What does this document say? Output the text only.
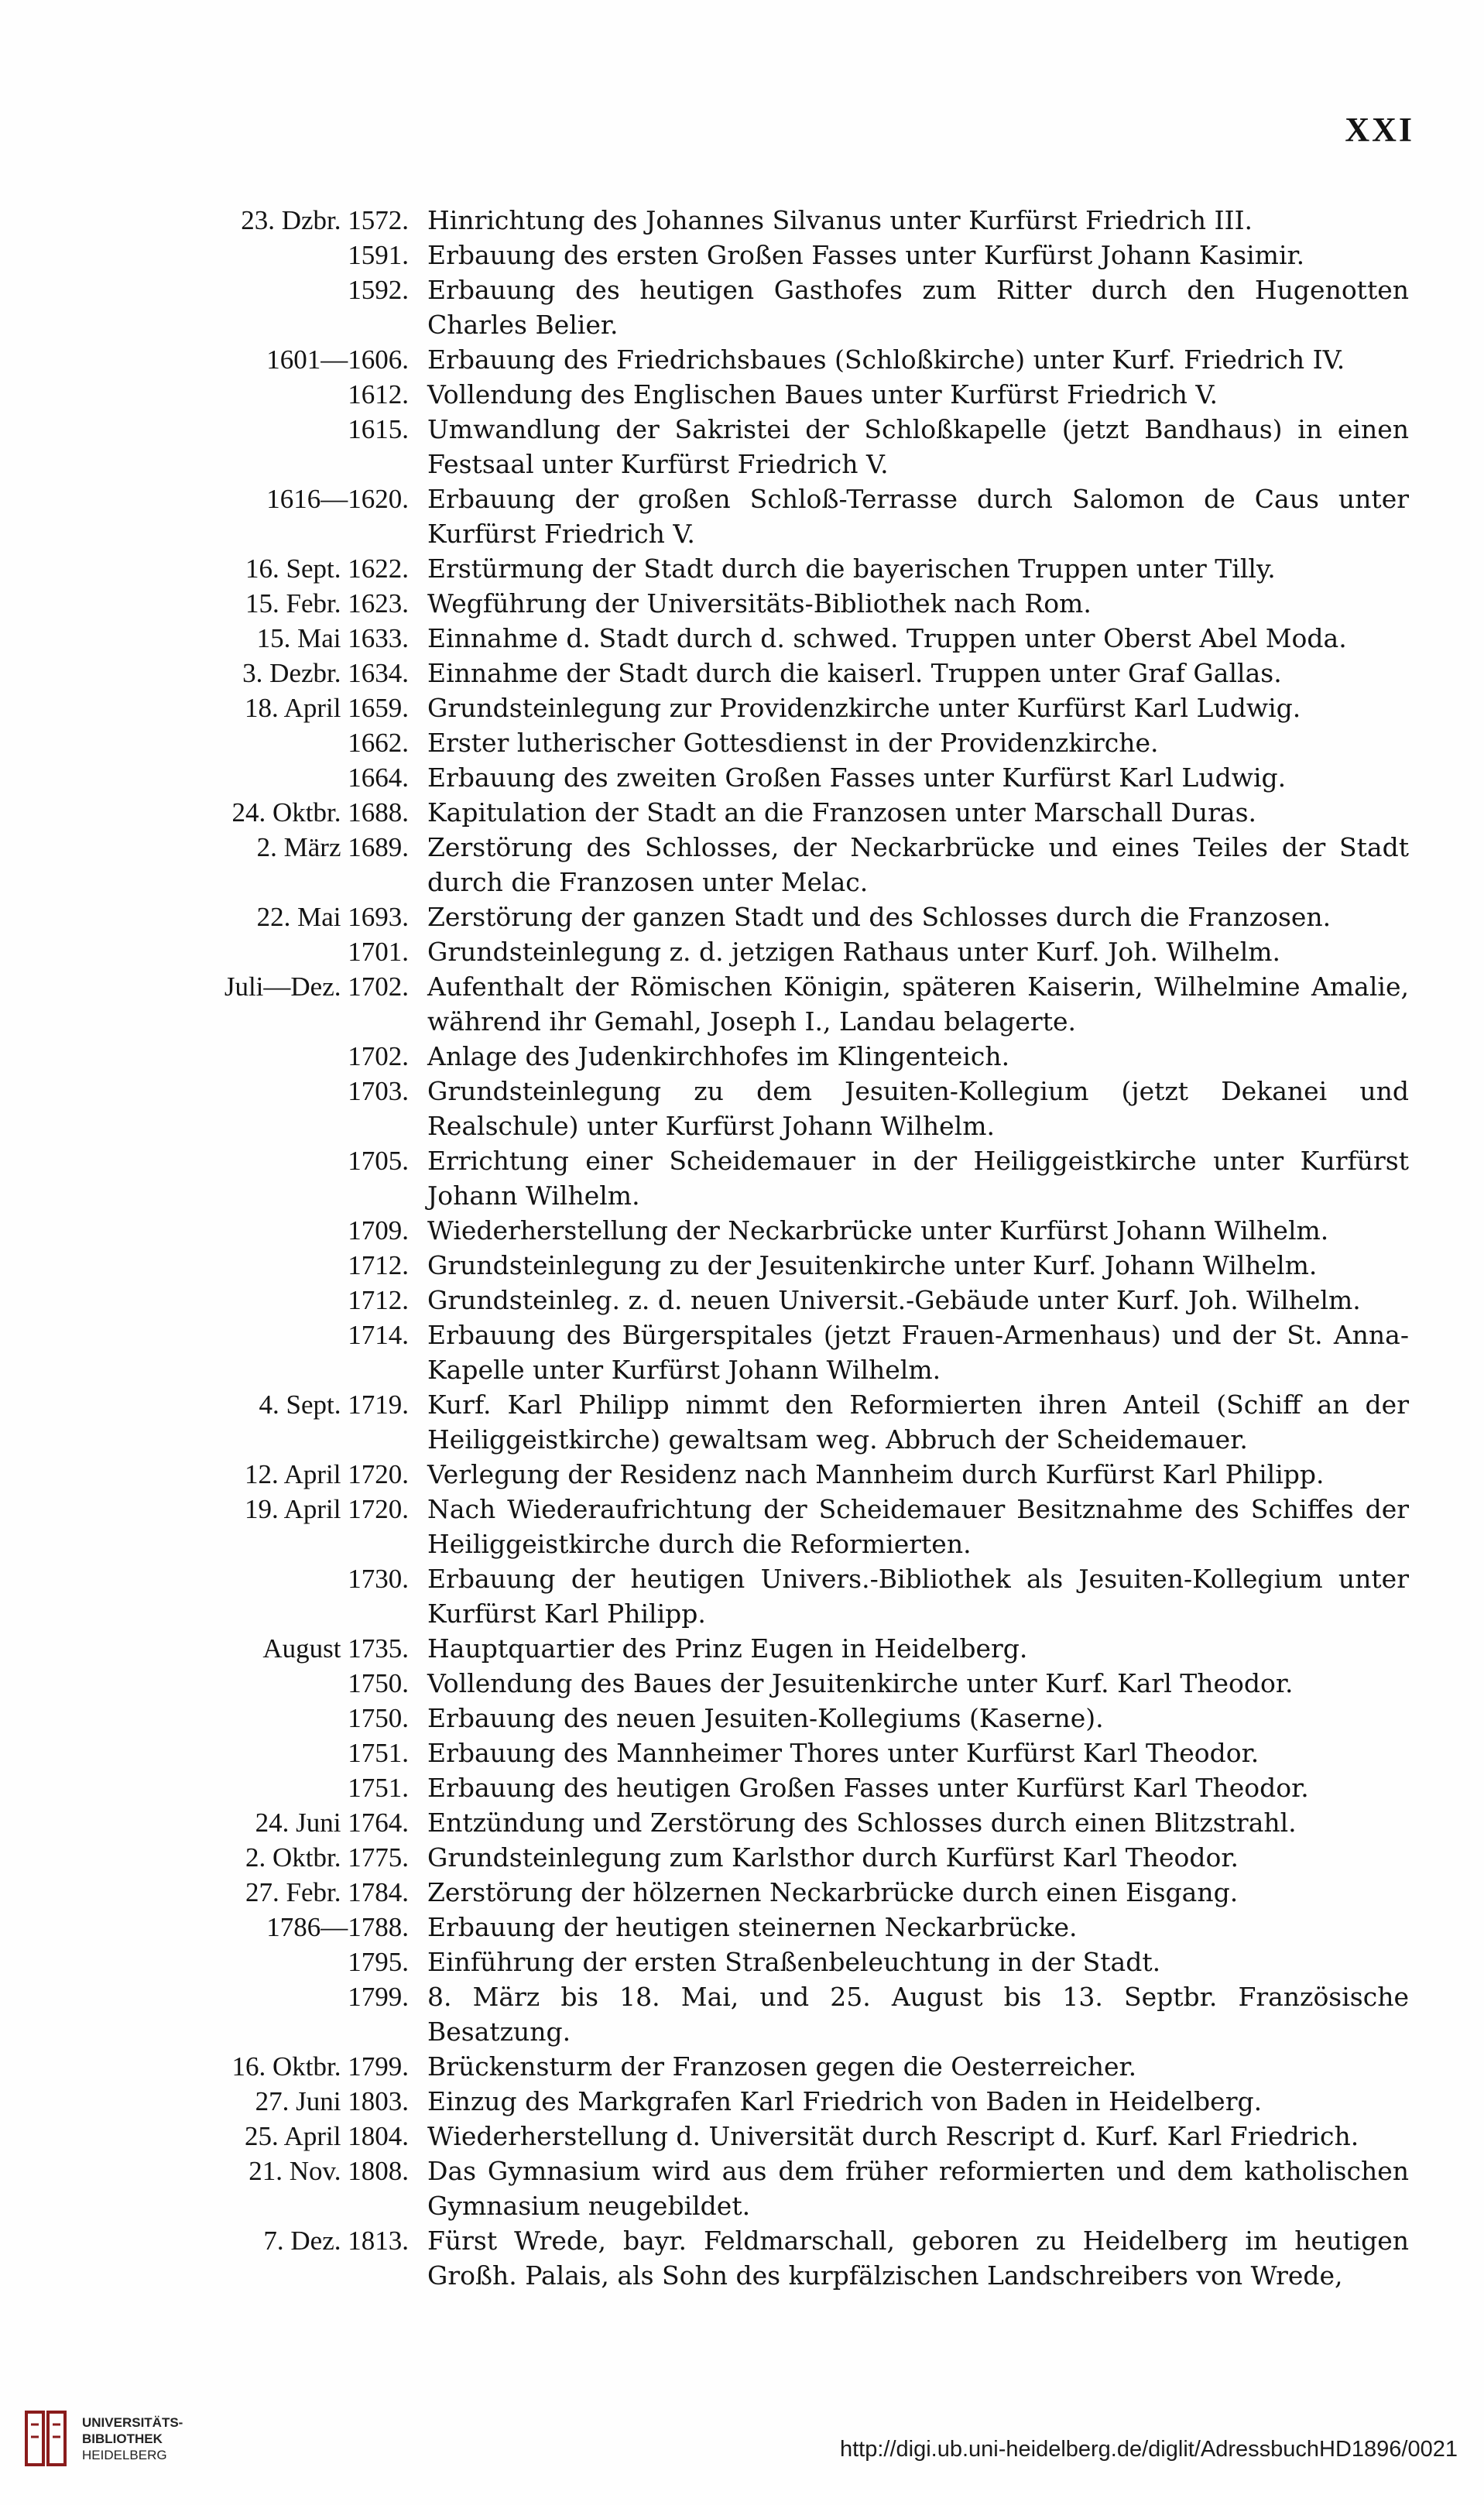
XXI
23. Dzbr. 1572. Hinrichtung des Johannes Silvanus unter Kurfürst Friedrich III.
1591. Erbauung des ersten Großen Fasses unter Kurfürst Johann Kasimir.
1592. Erbauung des heutigen Gasthofes zum Ritter durch den Hugenotten Charles Belier.
1601—1606. Erbauung des Friedrichsbaues (Schloßkirche) unter Kurf. Friedrich IV.
1612. Vollendung des Englischen Baues unter Kurfürst Friedrich V.
1615. Umwandlung der Sakristei der Schloßkapelle (jetzt Bandhaus) in einen Festsaal unter Kurfürst Friedrich V.
1616—1620. Erbauung der großen Schloß-Terrasse durch Salomon de Caus unter Kurfürst Friedrich V.
16. Sept. 1622. Erstürmung der Stadt durch die bayerischen Truppen unter Tilly.
15. Febr. 1623. Wegführung der Universitäts-Bibliothek nach Rom.
15. Mai 1633. Einnahme d. Stadt durch d. schwed. Truppen unter Oberst Abel Moda.
3. Dezbr. 1634. Einnahme der Stadt durch die kaiserl. Truppen unter Graf Gallas.
18. April 1659. Grundsteinlegung zur Providenzkirche unter Kurfürst Karl Ludwig.
1662. Erster lutherischer Gottesdienst in der Providenzkirche.
1664. Erbauung des zweiten Großen Fasses unter Kurfürst Karl Ludwig.
24. Oktbr. 1688. Kapitulation der Stadt an die Franzosen unter Marschall Duras.
2. März 1689. Zerstörung des Schlosses, der Neckarbrücke und eines Teiles der Stadt durch die Franzosen unter Melac.
22. Mai 1693. Zerstörung der ganzen Stadt und des Schlosses durch die Franzosen.
1701. Grundsteinlegung z. d. jetzigen Rathaus unter Kurf. Joh. Wilhelm.
Juli—Dez. 1702. Aufenthalt der Römischen Königin, späteren Kaiserin, Wilhelmine Amalie, während ihr Gemahl, Joseph I., Landau belagerte.
1702. Anlage des Judenkirchhofes im Klingenteich.
1703. Grundsteinlegung zu dem Jesuiten-Kollegium (jetzt Dekanei und Realschule) unter Kurfürst Johann Wilhelm.
1705. Errichtung einer Scheidemauer in der Heiliggeistkirche unter Kurfürst Johann Wilhelm.
1709. Wiederherstellung der Neckarbrücke unter Kurfürst Johann Wilhelm.
1712. Grundsteinlegung zu der Jesuitenkirche unter Kurf. Johann Wilhelm.
1712. Grundsteinleg. z. d. neuen Universit.-Gebäude unter Kurf. Joh. Wilhelm.
1714. Erbauung des Bürgerspitales (jetzt Frauen-Armenhaus) und der St. Anna-Kapelle unter Kurfürst Johann Wilhelm.
4. Sept. 1719. Kurf. Karl Philipp nimmt den Reformierten ihren Anteil (Schiff an der Heiliggeistkirche) gewaltsam weg. Abbruch der Scheidemauer.
12. April 1720. Verlegung der Residenz nach Mannheim durch Kurfürst Karl Philipp.
19. April 1720. Nach Wiederaufrichtung der Scheidemauer Besitznahme des Schiffes der Heiliggeistkirche durch die Reformierten.
1730. Erbauung der heutigen Univers.-Bibliothek als Jesuiten-Kollegium unter Kurfürst Karl Philipp.
August 1735. Hauptquartier des Prinz Eugen in Heidelberg.
1750. Vollendung des Baues der Jesuitenkirche unter Kurf. Karl Theodor.
1750. Erbauung des neuen Jesuiten-Kollegiums (Kaserne).
1751. Erbauung des Mannheimer Thores unter Kurfürst Karl Theodor.
1751. Erbauung des heutigen Großen Fasses unter Kurfürst Karl Theodor.
24. Juni 1764. Entzündung und Zerstörung des Schlosses durch einen Blitzstrahl.
2. Oktbr. 1775. Grundsteinlegung zum Karlsthor durch Kurfürst Karl Theodor.
27. Febr. 1784. Zerstörung der hölzernen Neckarbrücke durch einen Eisgang.
1786—1788. Erbauung der heutigen steinernen Neckarbrücke.
1795. Einführung der ersten Straßenbeleuchtung in der Stadt.
1799. 8. März bis 18. Mai, und 25. August bis 13. Septbr. Französische Besatzung.
16. Oktbr. 1799. Brückensturm der Franzosen gegen die Oesterreicher.
27. Juni 1803. Einzug des Markgrafen Karl Friedrich von Baden in Heidelberg.
25. April 1804. Wiederherstellung d. Universität durch Rescript d. Kurf. Karl Friedrich.
21. Nov. 1808. Das Gymnasium wird aus dem früher reformierten und dem katholischen Gymnasium neugebildet.
7. Dez. 1813. Fürst Wrede, bayr. Feldmarschall, geboren zu Heidelberg im heutigen Großh. Palais, als Sohn des kurpfälzischen Landschreibers von Wrede,
UNIVERSITÄTS-
BIBLIOTHEK
HEIDELBERG	http://digi.ub.uni-heidelberg.de/diglit/AdressbuchHD1896/0021
